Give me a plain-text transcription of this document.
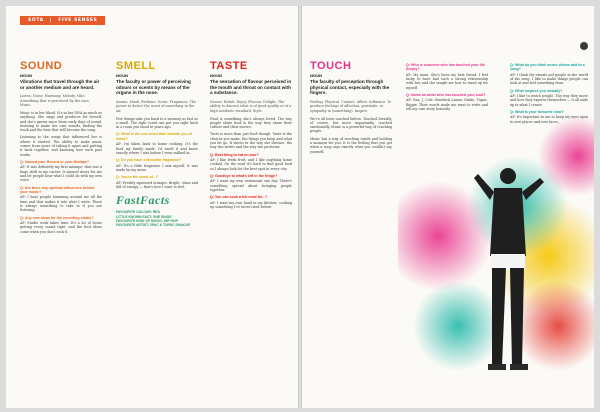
SOTA | FIVE SENSES
SOUND
NOUN

Vibrations that travel through the air or another medium and are heard.

Listen. Noise. Harmony. Melody. Vibe. Something that is perceived by the ears. Music.

Music is in her blood. It's in her DNA as much as anything. She sings and produces for herself, and she's grown since those early days of sound, learning to make her own sounds, finding the track and the beat that will become the song.

Listening to the songs that influenced her is where it started. The ability to make music comes from years of taking it apart and putting it back together, and knowing how each part works.

Q: Named your Record or your Mixtape?

AP: It was definitely my first mixtape; that was a huge shift in my career. It opened doors for me and let people hear what I could do with my own voice.

Q: Are there any spiritual influences behind your music?

AP: I hear people humming around me all the time and that makes it into what I write. There is always something to take in if you are listening.

Q: Any new ideas for the recording studio?

AP: Studio work takes time. It's a lot of hours getting every sound right, and the best ideas come when you don't rush it.

SMELL
NOUN

The faculty or power of perceiving odours or scents by means of the organs in the nose.

Aroma. Musk. Perfume. Scent. Fragrance. The power to detect the scent of something in the air.

Few things take you back to a memory as fast as a smell. The right scent can put you right back in a room you stood in years ago.

Q: What is the one smell that reminds you of home?

AP: I'm taken back to home cooking. It's the food my family made. I'd smell it and know exactly where I was before I even walked in.

Q: Do you have a favourite fragrance?

AP: It's a little fragrance I mix myself. It was made by my mum.

Q: You're the scent of...?

AP: Freshly squeezed oranges. Bright, clean and full of energy — that's how I want to feel.

FastFacts
FAVOURITE COLOUR: RED
LITTLE KNOWN FACT: SHE SINGS
FAVOURITE KIND OF MUSIC: HIP HOP
FAVOURITE ARTIST: 2PAC & TUPAC SHAKUR
TASTE
NOUN

The sensation of flavour perceived in the mouth and throat on contact with a substance.

Savour. Relish. Enjoy. Flavour. Delight. The ability to discern what is of good quality or of a high aesthetic standard. Style.

Food is something she's always loved. The way people share food is the way they share their culture and their stories.

Taste is more than just food though. Taste is the choices you make, the things you keep and what you let go. It shows in the way she dresses, the way she writes and the way she performs.

Q: Best thing to eat on tour?

AP: I like fresh fruit, and I like anything home cooked. On the road it's hard to find good food so I always look for the best spot in every city.

Q: Goodbye to what's left in the fridge?

AP: I want my own restaurant one day. There's something special about bringing people together.

Q: You can cook a full meal for...?

AP: I want my own band in my kitchen, cooking up something I've never tried before.

TOUCH
NOUN

The faculty of perception through physical contact, especially with the fingers.

Feeling. Physical. Contact. Affect. Influence. To produce feelings of affection, gratitude, or sympathy in (something). Inspire.

We've all been touched before. Touched literally, of course, but more importantly, touched emotionally. Music is a powerful way of reaching people.

Music has a way of reaching inside and holding a moment for you. It is the feeling that you get when a song says exactly what you couldn't say yourself.

Q: Who is someone who has touched your life deeply?

AP: My mum. She's been my best friend. I feel lucky to have had such a strong relationship with her, and she taught me how to stand up for myself.

Q: Name an artist who has touched your soul?

AP: Nas, J. Cole, Kendrick Lamar, Drake, Tupac, Biggie. Their words made me want to write and tell my own story honestly.

Q: What do you think music videos add to a song?

AP: I think the visuals put people in the world of the song. I like to make things people can look at and feel something from.

Q: What inspires you visually?

AP: I like to watch people. The way they move and how they express themselves — it all ends up in what I create.

Q: What is your favourite view?

AP: It's important to me to keep my eyes open to new places and new faces.
